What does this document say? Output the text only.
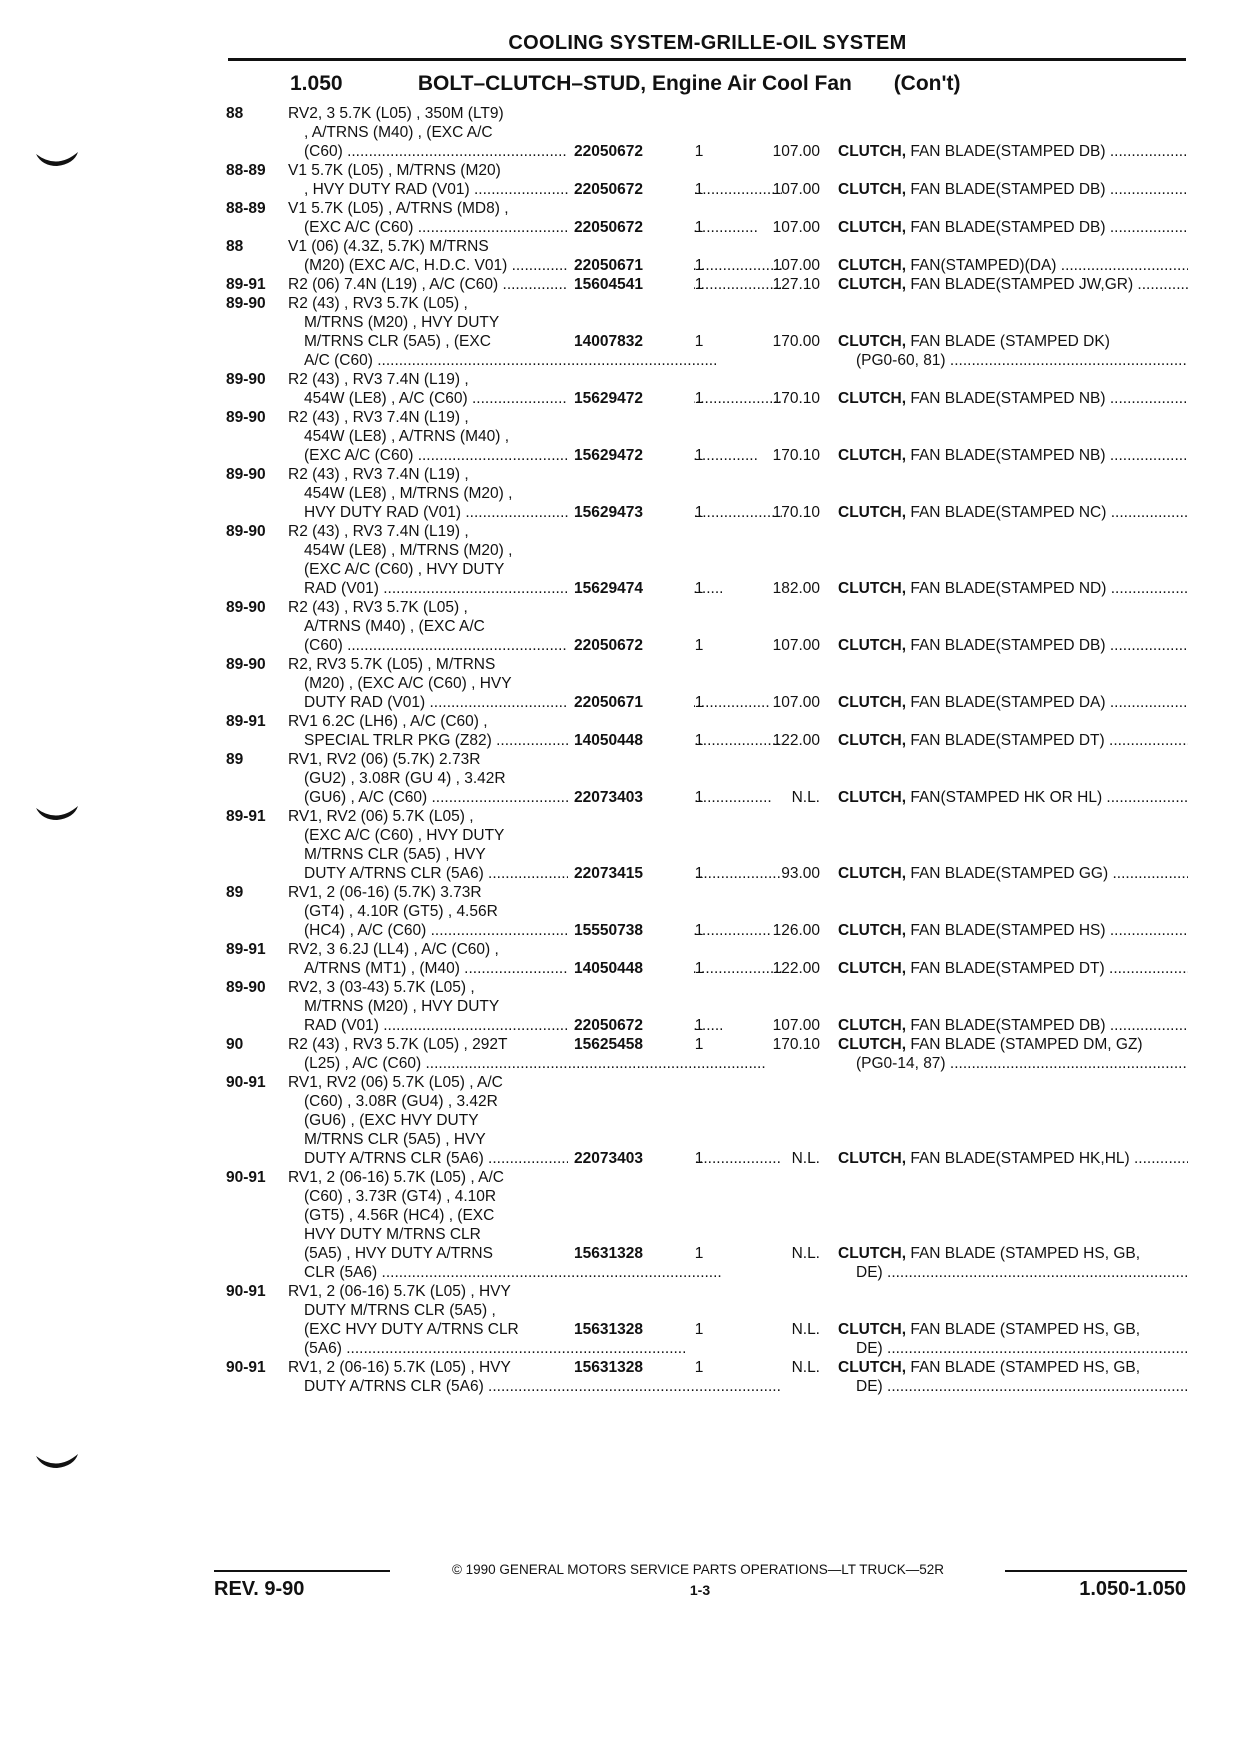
COOLING SYSTEM-GRILLE-OIL SYSTEM
1.050	BOLT–CLUTCH–STUD, Engine Air Cool Fan (Con't)
88	RV2, 3 5.7K (L05) , 350M (LT9)
, A/TRNS (M40) , (EXC A/C
(C60) .....	22050672	1	107.00 CLUTCH, FAN BLADE(STAMPED DB) .....
88-89 V1 5.7K (L05) , M/TRNS (M20)
, HVY DUTY RAD (V01) .....	22050672	1	107.00 CLUTCH, FAN BLADE(STAMPED DB) .....
88-89 V1 5.7K (L05) , A/TRNS (MD8) ,
(EXC A/C (C60) .....	22050672	1	107.00 CLUTCH, FAN BLADE(STAMPED DB) .....
88	V1 (06) (4.3Z, 5.7K) M/TRNS
(M20) (EXC A/C, H.D.C. V01) .....	22050671	1	107.00 CLUTCH, FAN(STAMPED)(DA) .....
89-91 R2 (06) 7.4N (L19) , A/C (C60) .....	15604541	1	127.10 CLUTCH, FAN BLADE(STAMPED JW,GR) .....
89-90 R2 (43) , RV3 5.7K (L05) ,
M/TRNS (M20) , HVY DUTY
M/TRNS CLR (5A5) , (EXC
A/C (C60) .....
14007832	1	170.00 CLUTCH, FAN BLADE (STAMPED DK)
(PG0-60, 81) .....
89-90 R2 (43) , RV3 7.4N (L19) ,
454W (LE8) , A/C (C60) .....	15629472	1	170.10 CLUTCH, FAN BLADE(STAMPED NB) .....
89-90 R2 (43) , RV3 7.4N (L19) ,
454W (LE8) , A/TRNS (M40) ,
(EXC A/C (C60) .....	15629472	1	170.10 CLUTCH, FAN BLADE(STAMPED NB) .....
89-90 R2 (43) , RV3 7.4N (L19) ,
454W (LE8) , M/TRNS (M20) ,
HVY DUTY RAD (V01) .....	15629473	1	170.10 CLUTCH, FAN BLADE(STAMPED NC) .....
89-90 R2 (43) , RV3 7.4N (L19) ,
454W (LE8) , M/TRNS (M20) ,
(EXC A/C (C60) , HVY DUTY
RAD (V01) .....	15629474	1	182.00 CLUTCH, FAN BLADE(STAMPED ND) .....
89-90 R2 (43) , RV3 5.7K (L05) ,
A/TRNS (M40) , (EXC A/C
(C60) .....	22050672	1	107.00 CLUTCH, FAN BLADE(STAMPED DB) .....
89-90 R2, RV3 5.7K (L05) , M/TRNS
(M20) , (EXC A/C (C60) , HVY
DUTY RAD (V01) .....	22050671	1	107.00 CLUTCH, FAN BLADE(STAMPED DA) .....
89-91 RV1 6.2C (LH6) , A/C (C60) ,
SPECIAL TRLR PKG (Z82) .....	14050448	1	122.00 CLUTCH, FAN BLADE(STAMPED DT) .....
89	RV1, RV2 (06) (5.7K) 2.73R
(GU2) , 3.08R (GU 4) , 3.42R
(GU6) , A/C (C60) .....	22073403	1	N.L. CLUTCH, FAN(STAMPED HK OR HL) .....
89-91 RV1, RV2 (06) 5.7K (L05) ,
(EXC A/C (C60) , HVY DUTY
M/TRNS CLR (5A5) , HVY
DUTY A/TRNS CLR (5A6) .....	22073415	1	93.00 CLUTCH, FAN BLADE(STAMPED GG) .....
89	RV1, 2 (06-16) (5.7K) 3.73R
(GT4) , 4.10R (GT5) , 4.56R
(HC4) , A/C (C60) .....	15550738	1	126.00 CLUTCH, FAN BLADE(STAMPED HS) .....
89-91 RV2, 3 6.2J (LL4) , A/C (C60) ,
A/TRNS (MT1) , (M40) .....	14050448	1	122.00 CLUTCH, FAN BLADE(STAMPED DT) .....
89-90 RV2, 3 (03-43) 5.7K (L05) ,
M/TRNS (M20) , HVY DUTY
RAD (V01) .....	22050672	1	107.00 CLUTCH, FAN BLADE(STAMPED DB) .....
90	R2 (43) , RV3 5.7K (L05) , 292T
(L25) , A/C (C60) .....
15625458	1	170.10 CLUTCH, FAN BLADE (STAMPED DM, GZ)
(PG0-14, 87) .....
90-91 RV1, RV2 (06) 5.7K (L05) , A/C
(C60) , 3.08R (GU4) , 3.42R
(GU6) , (EXC HVY DUTY
M/TRNS CLR (5A5) , HVY
DUTY A/TRNS CLR (5A6) .....	22073403	1	N.L. CLUTCH, FAN BLADE(STAMPED HK,HL) .....
90-91 RV1, 2 (06-16) 5.7K (L05) , A/C
(C60) , 3.73R (GT4) , 4.10R
(GT5) , 4.56R (HC4) , (EXC
HVY DUTY M/TRNS CLR
(5A5) , HVY DUTY A/TRNS
CLR (5A6) .....
15631328	1	N.L. CLUTCH, FAN BLADE (STAMPED HS, GB,
DE) .....
90-91 RV1, 2 (06-16) 5.7K (L05) , HVY
DUTY M/TRNS CLR (5A5) ,
(EXC HVY DUTY A/TRNS CLR
(5A6) .....
15631328	1	N.L. CLUTCH, FAN BLADE (STAMPED HS, GB,
DE) .....
90-91 RV1, 2 (06-16) 5.7K (L05) , HVY
DUTY A/TRNS CLR (5A6) .....
15631328	1	N.L. CLUTCH, FAN BLADE (STAMPED HS, GB,
DE) .....
© 1990 GENERAL MOTORS SERVICE PARTS OPERATIONS—LT TRUCK—52R
REV. 9-90	1-3	1.050-1.050
